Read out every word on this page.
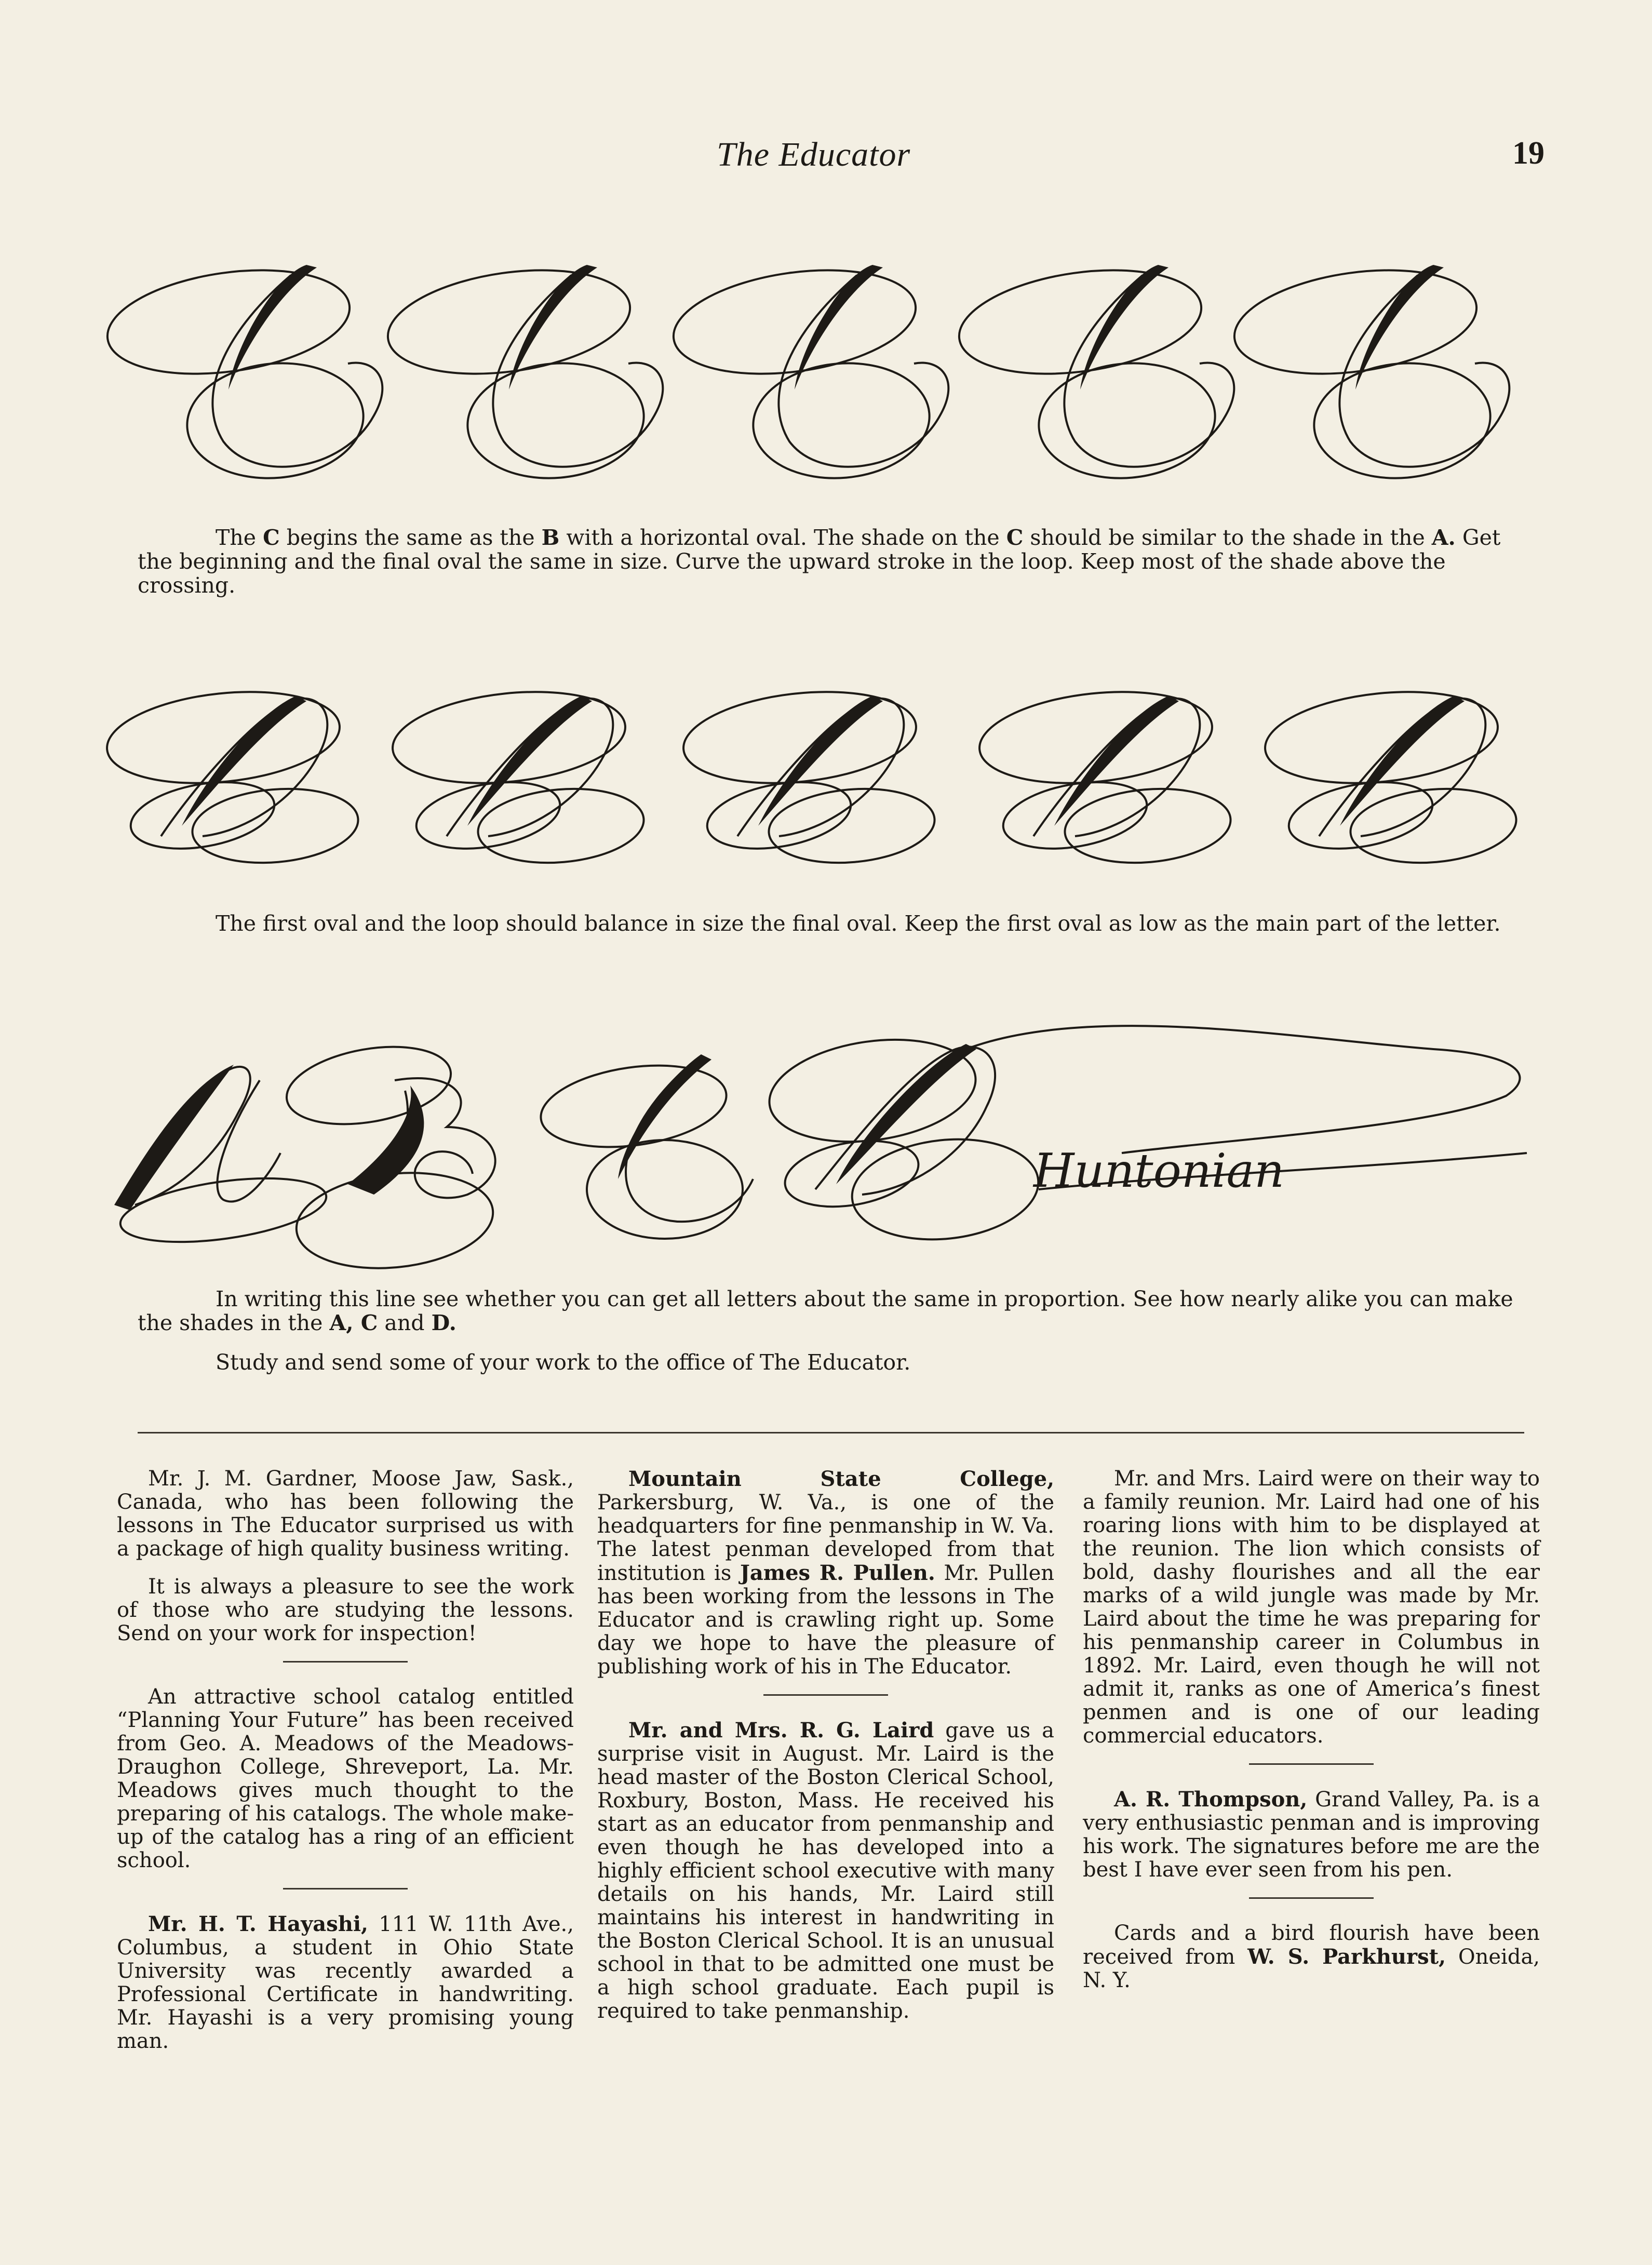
The Educator	19
The C begins the same as the B with a horizontal oval. The shade on the C should be similar to the shade in the A. Get the beginning and the final oval the same in size. Curve the upward stroke in the loop. Keep most of the shade above the crossing.
The first oval and the loop should balance in size the final oval. Keep the first oval as low as the main part of the letter.
Huntonian
In writing this line see whether you can get all letters about the same in proportion. See how nearly alike you can make the shades in the A, C and D.
Study and send some of your work to the office of The Educator.

Mr. J. M. Gardner, Moose Jaw, Sask., Canada, who has been following the lessons in The Educator surprised us with a package of high quality business writing.

It is always a pleasure to see the work of those who are studying the lessons. Send on your work for inspection!

An attractive school catalog entitled “Planning Your Future” has been received from Geo. A. Meadows of the Meadows-Draughon College, Shreveport, La. Mr. Meadows gives much thought to the preparing of his catalogs. The whole make-up of the catalog has a ring of an efficient school.

Mr. H. T. Hayashi, 111 W. 11th Ave., Columbus, a student in Ohio State University was recently awarded a Professional Certificate in handwriting. Mr. Hayashi is a very promising young man.

Mountain State College, Parkersburg, W. Va., is one of the headquarters for fine penmanship in W. Va. The latest penman developed from that institution is James R. Pullen. Mr. Pullen has been working from the lessons in The Educator and is crawling right up. Some day we hope to have the pleasure of publishing work of his in The Educator.

Mr. and Mrs. R. G. Laird gave us a surprise visit in August. Mr. Laird is the head master of the Boston Clerical School, Roxbury, Boston, Mass. He received his start as an educator from penmanship and even though he has developed into a highly efficient school executive with many details on his hands, Mr. Laird still maintains his interest in handwriting in the Boston Clerical School. It is an unusual school in that to be admitted one must be a high school graduate. Each pupil is required to take penmanship.

Mr. and Mrs. Laird were on their way to a family reunion. Mr. Laird had one of his roaring lions with him to be displayed at the reunion. The lion which consists of bold, dashy flourishes and all the ear marks of a wild jungle was made by Mr. Laird about the time he was preparing for his penmanship career in Columbus in 1892. Mr. Laird, even though he will not admit it, ranks as one of America’s finest penmen and is one of our leading commercial educators.

A. R. Thompson, Grand Valley, Pa. is a very enthusiastic penman and is improving his work. The signatures before me are the best I have ever seen from his pen.

Cards and a bird flourish have been received from W. S. Parkhurst, Oneida, N. Y.
